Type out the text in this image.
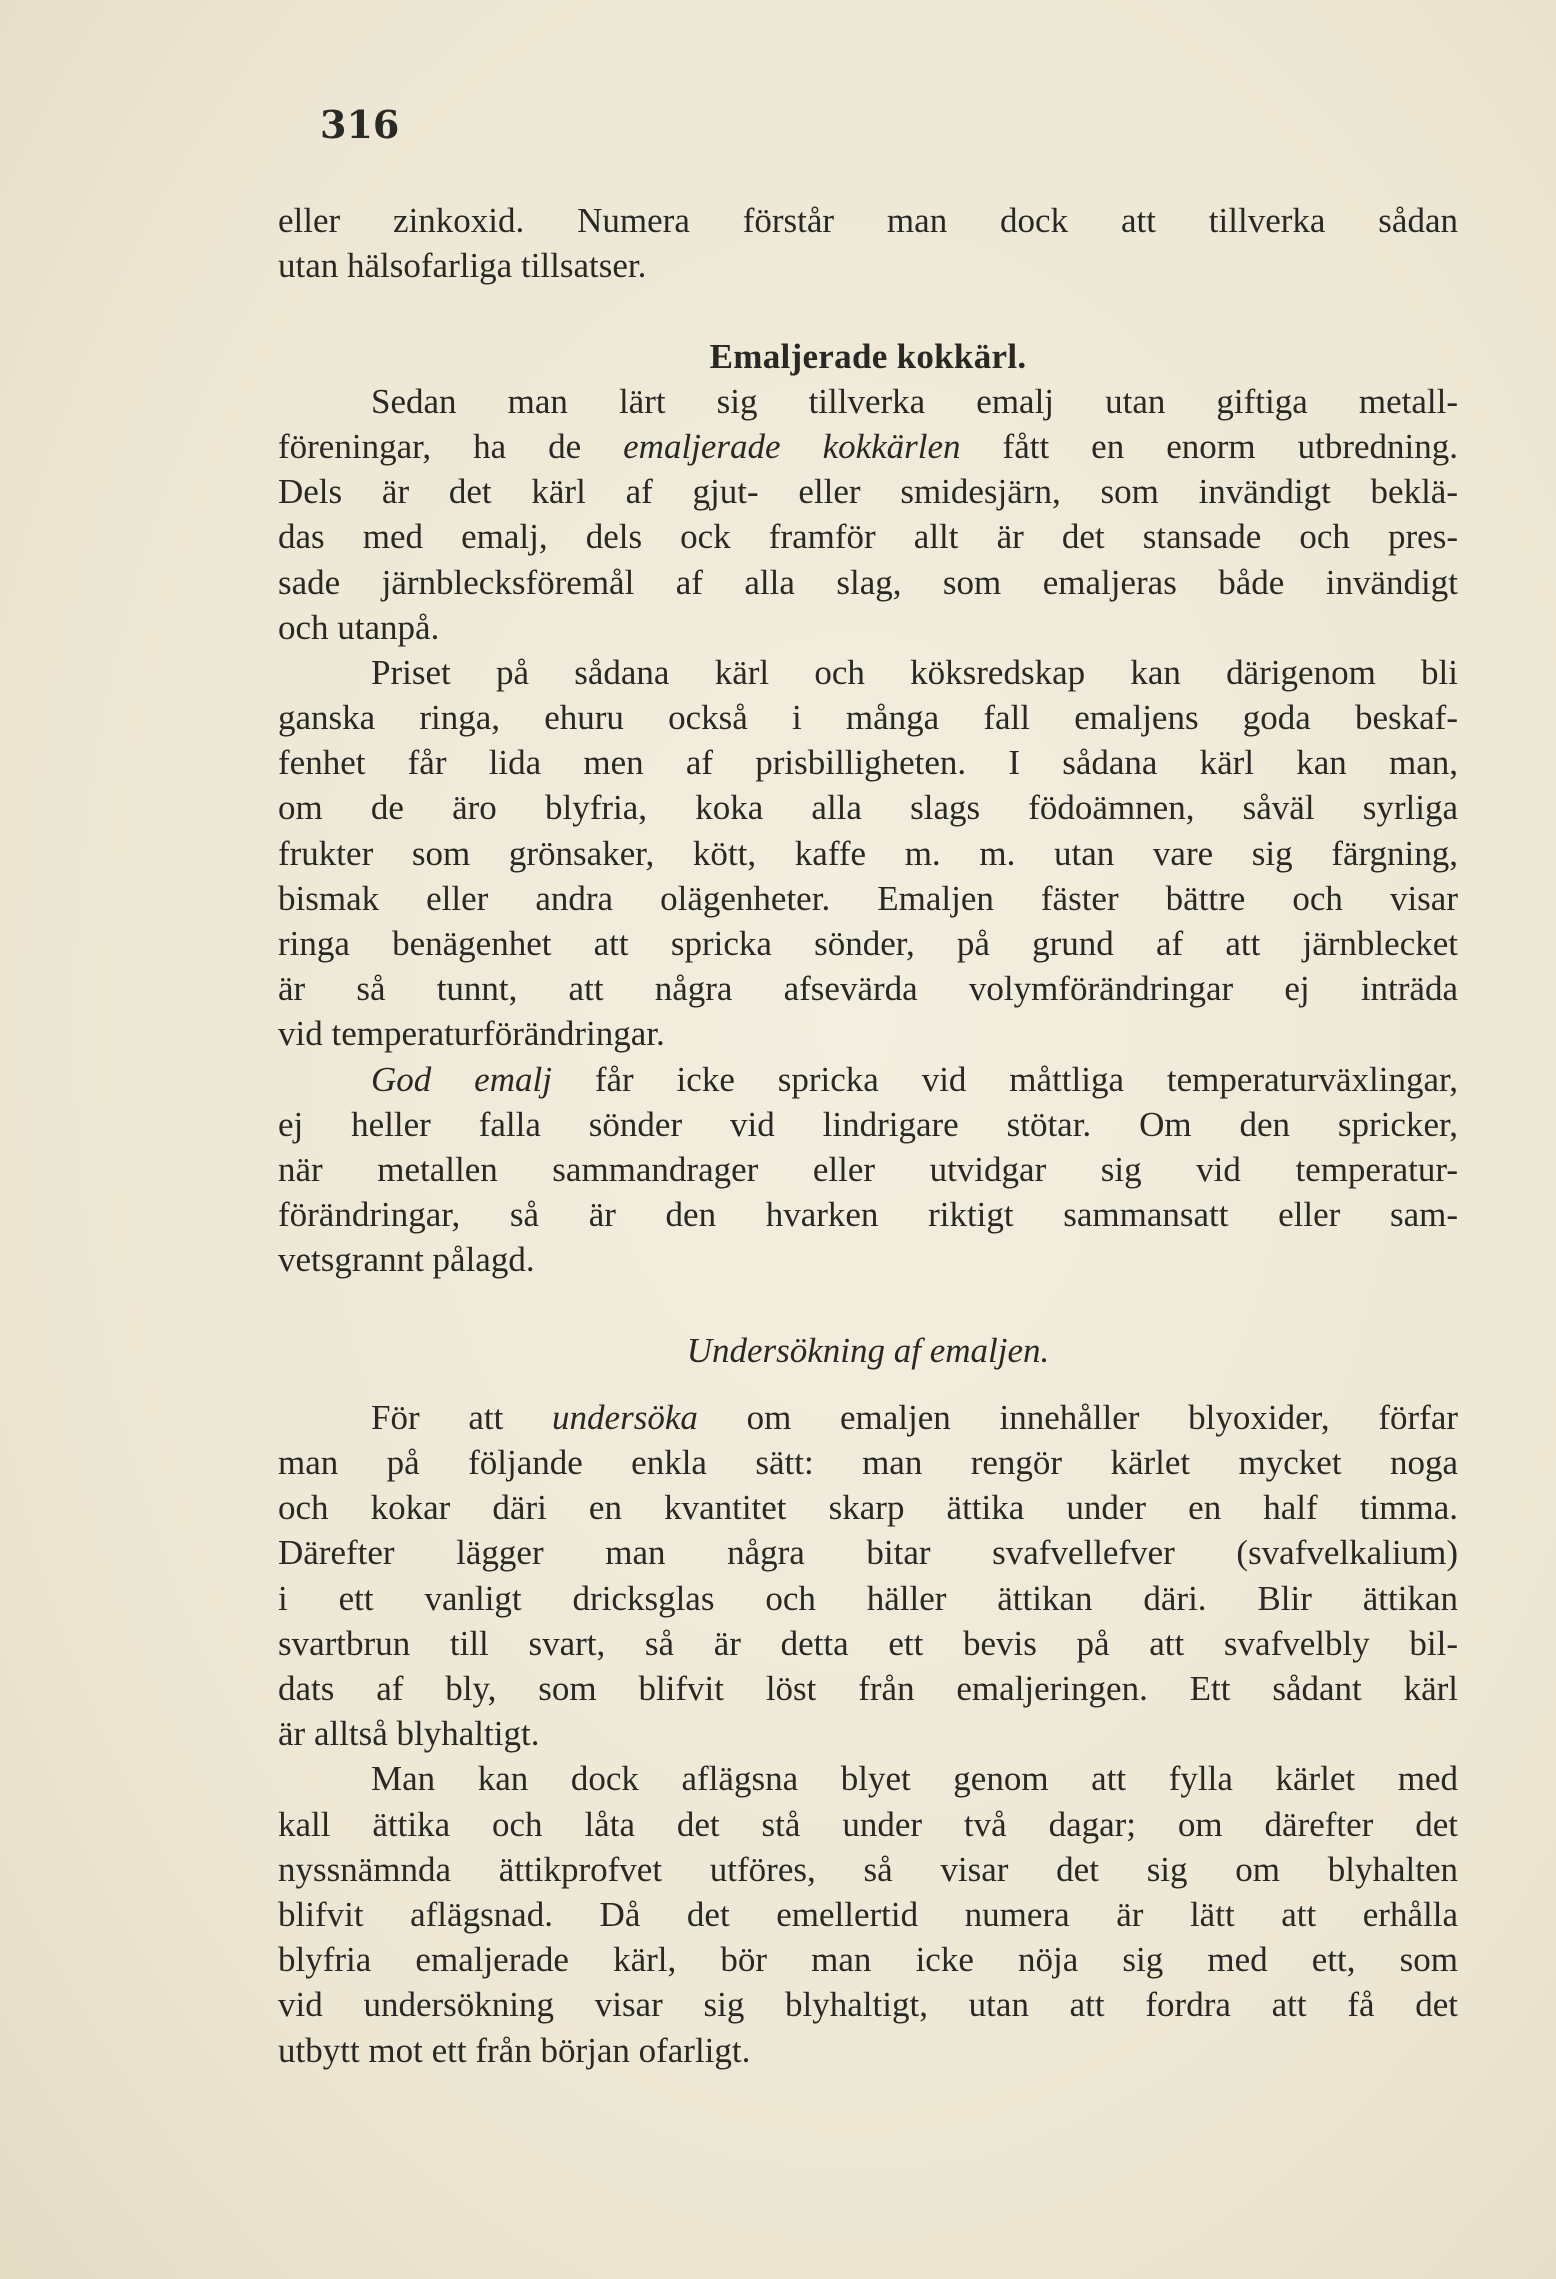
316
eller zinkoxid. Numera förstår man dock att tillverka sådan
utan hälsofarliga tillsatser.
Emaljerade kokkärl.
Sedan man lärt sig tillverka emalj utan giftiga metall-
föreningar, ha de emaljerade kokkärlen fått en enorm utbredning.
Dels är det kärl af gjut- eller smidesjärn, som invändigt beklä-
das med emalj, dels ock framför allt är det stansade och pres-
sade järnblecksföremål af alla slag, som emaljeras både invändigt
och utanpå.
Priset på sådana kärl och köksredskap kan därigenom bli
ganska ringa, ehuru också i många fall emaljens goda beskaf-
fenhet får lida men af prisbilligheten. I sådana kärl kan man,
om de äro blyfria, koka alla slags födoämnen, såväl syrliga
frukter som grönsaker, kött, kaffe m. m. utan vare sig färgning,
bismak eller andra olägenheter. Emaljen fäster bättre och visar
ringa benägenhet att spricka sönder, på grund af att järnblecket
är så tunnt, att några afsevärda volymförändringar ej inträda
vid temperaturförändringar.
God emalj får icke spricka vid måttliga temperaturväxlingar,
ej heller falla sönder vid lindrigare stötar. Om den spricker,
när metallen sammandrager eller utvidgar sig vid temperatur-
förändringar, så är den hvarken riktigt sammansatt eller sam-
vetsgrannt pålagd.
Undersökning af emaljen.
För att undersöka om emaljen innehåller blyoxider, förfar
man på följande enkla sätt: man rengör kärlet mycket noga
och kokar däri en kvantitet skarp ättika under en half timma.
Därefter lägger man några bitar svafvellefver (svafvelkalium)
i ett vanligt dricksglas och häller ättikan däri. Blir ättikan
svartbrun till svart, så är detta ett bevis på att svafvelbly bil-
dats af bly, som blifvit löst från emaljeringen. Ett sådant kärl
är alltså blyhaltigt.
Man kan dock aflägsna blyet genom att fylla kärlet med
kall ättika och låta det stå under två dagar; om därefter det
nyssnämnda ättikprofvet utföres, så visar det sig om blyhalten
blifvit aflägsnad. Då det emellertid numera är lätt att erhålla
blyfria emaljerade kärl, bör man icke nöja sig med ett, som
vid undersökning visar sig blyhaltigt, utan att fordra att få det
utbytt mot ett från början ofarligt.
